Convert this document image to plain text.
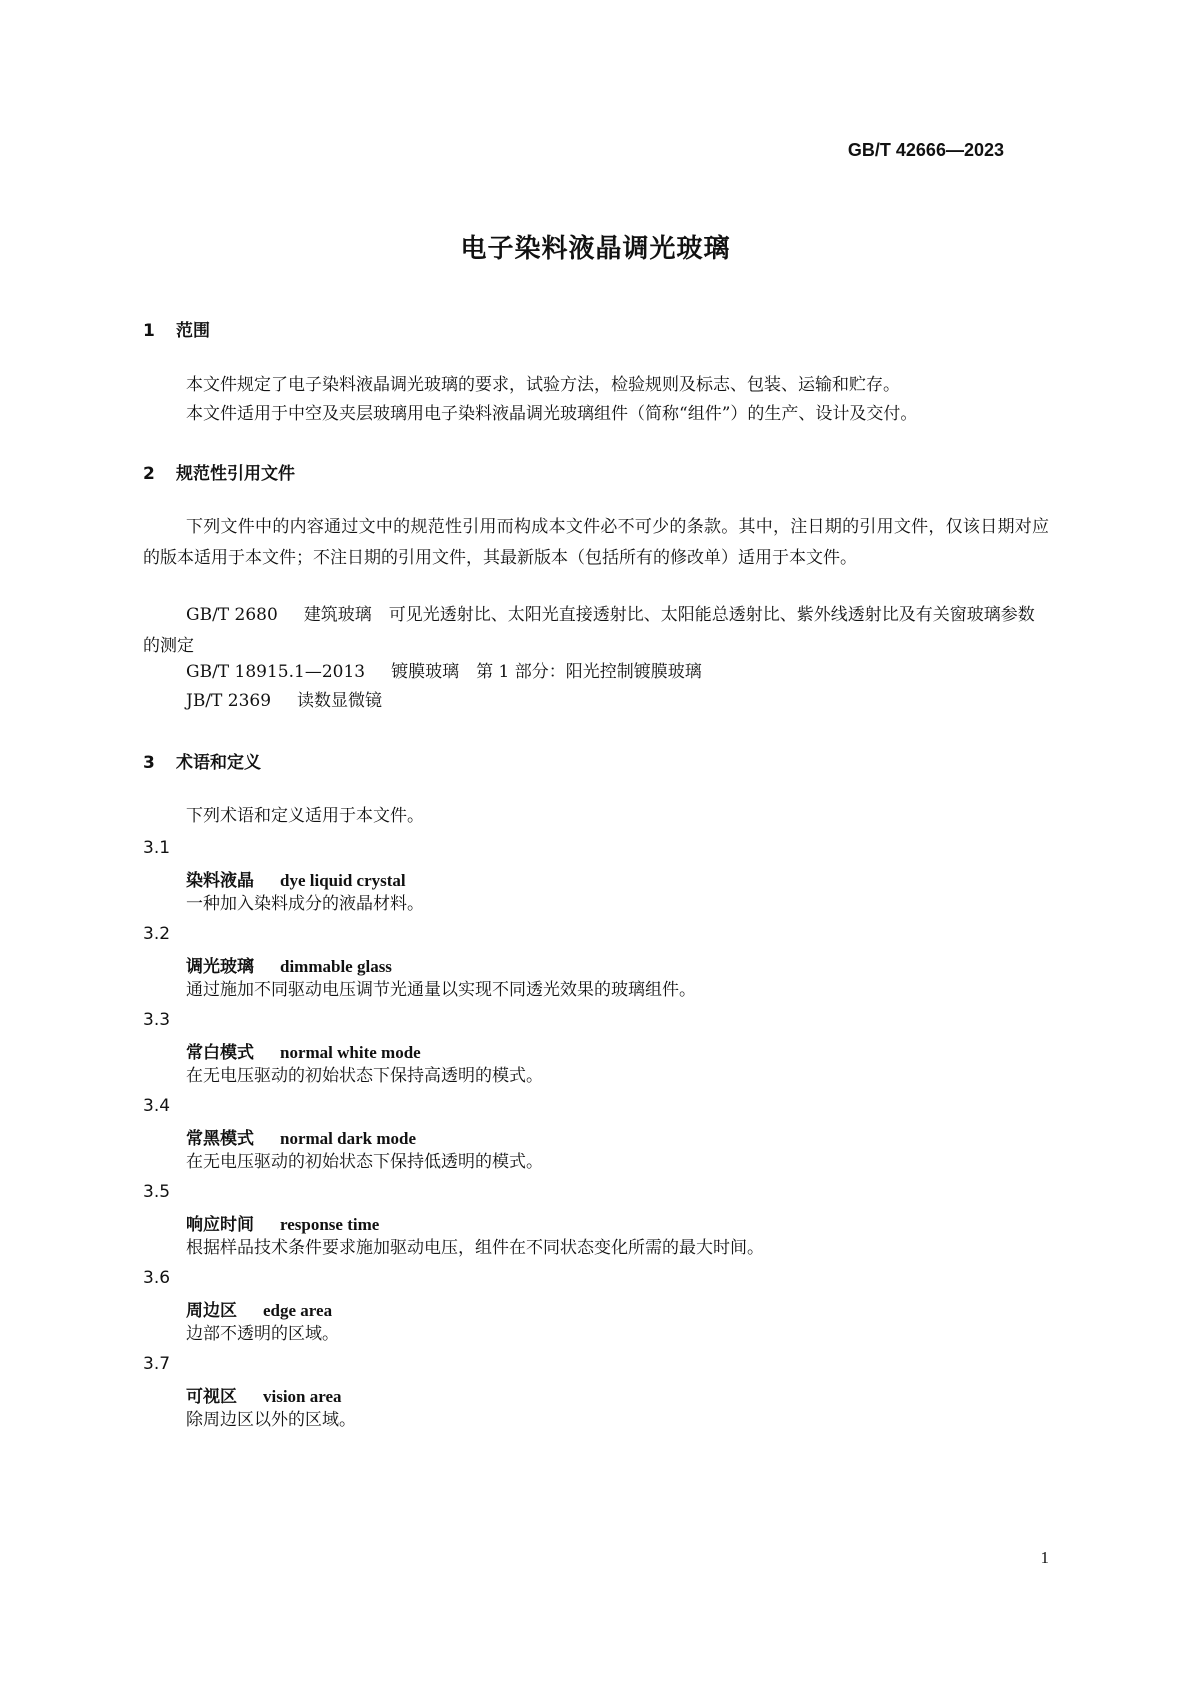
GB/T 42666—2023
电子染料液晶调光玻璃
1 范围
本文件规定了电子染料液晶调光玻璃的要求，试验方法，检验规则及标志、包装、运输和贮存。
本文件适用于中空及夹层玻璃用电子染料液晶调光玻璃组件（简称“组件”）的生产、设计及交付。
2 规范性引用文件
下列文件中的内容通过文中的规范性引用而构成本文件必不可少的条款。其中，注日期的引用文件，仅该日期对应的版本适用于本文件；不注日期的引用文件，其最新版本（包括所有的修改单）适用于本文件。
GB/T 2680 建筑玻璃　可见光透射比、太阳光直接透射比、太阳能总透射比、紫外线透射比及有关窗玻璃参数的测定
GB/T 18915.1—2013 镀膜玻璃　第 1 部分：阳光控制镀膜玻璃
JB/T 2369 读数显微镜
3 术语和定义
下列术语和定义适用于本文件。
3.1
染料液晶 dye liquid crystal
一种加入染料成分的液晶材料。
3.2
调光玻璃 dimmable glass
通过施加不同驱动电压调节光通量以实现不同透光效果的玻璃组件。
3.3
常白模式 normal white mode
在无电压驱动的初始状态下保持高透明的模式。
3.4
常黑模式 normal dark mode
在无电压驱动的初始状态下保持低透明的模式。
3.5
响应时间 response time
根据样品技术条件要求施加驱动电压，组件在不同状态变化所需的最大时间。
3.6
周边区 edge area
边部不透明的区域。
3.7
可视区 vision area
除周边区以外的区域。
1
